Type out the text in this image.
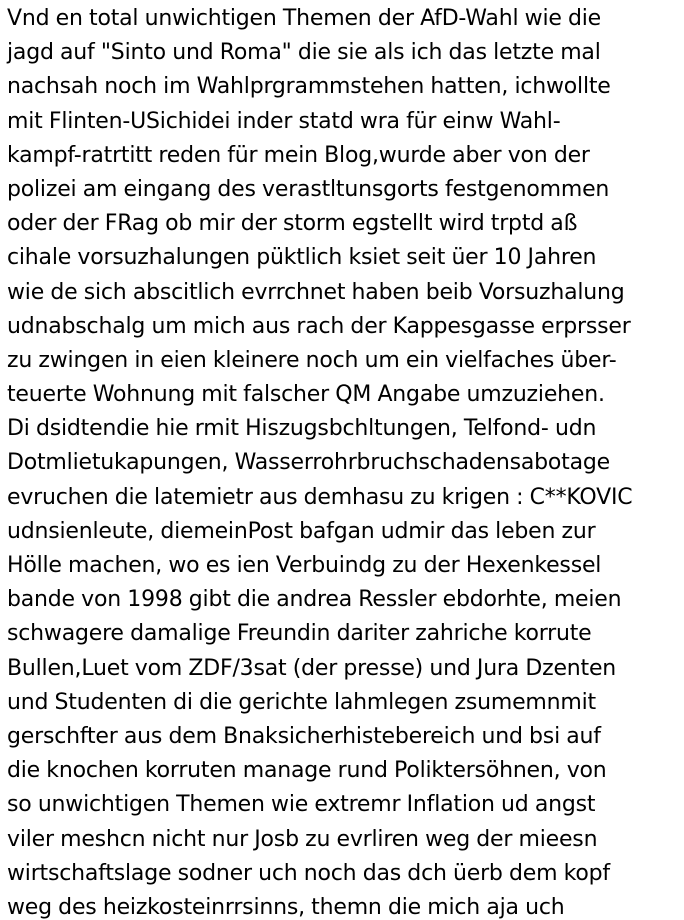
Vnd en total unwichtigen Themen der AfD-Wahl wie die
jagd auf "Sinto und Roma" die sie als ich das letzte mal
nachsah noch im Wahlprgrammstehen hatten, ichwollte
mit Flinten-USichidei inder statd wra für einw Wahl-
kampf-ratrtitt reden für mein Blog,wurde aber von der
polizei am eingang des verastltunsgorts festgenommen
oder der FRag ob mir der storm egstellt wird trptd aß
cihale vorsuzhalungen püktlich ksiet seit üer 10 Jahren
wie de sich abscitlich evrrchnet haben beib Vorsuzhalung
udnabschalg um mich aus rach der Kappesgasse erprsser
zu zwingen in eien kleinere noch um ein vielfaches über-
teuerte Wohnung mit falscher QM Angabe umzuziehen.
Di dsidtendie hie rmit Hiszugsbchltungen, Telfond- udn
Dotmlietukapungen, Wasserrohrbruchschadensabotage
evruchen die latemietr aus demhasu zu krigen : C**KOVIC
udnsienleute, diemeinPost bafgan udmir das leben zur
Hölle machen, wo es ien Verbuindg zu der Hexenkessel
bande von 1998 gibt die andrea Ressler ebdorhte, meien
schwagere damalige Freundin dariter zahriche korrute
Bullen,Luet vom ZDF/3sat (der presse) und Jura Dzenten
und Studenten di die gerichte lahmlegen zsumemnmit
gerschfter aus dem Bnaksicherhistebereich und bsi auf
die knochen korruten manage rund Poliktersöhnen, von
so unwichtigen Themen wie extremr Inflation ud angst
viler meshcn nicht nur Josb zu evrliren weg der mieesn
wirtschaftslage sodner uch noch das dch üerb dem kopf
weg des heizkosteinrrsinns, themn die mich aja uch
